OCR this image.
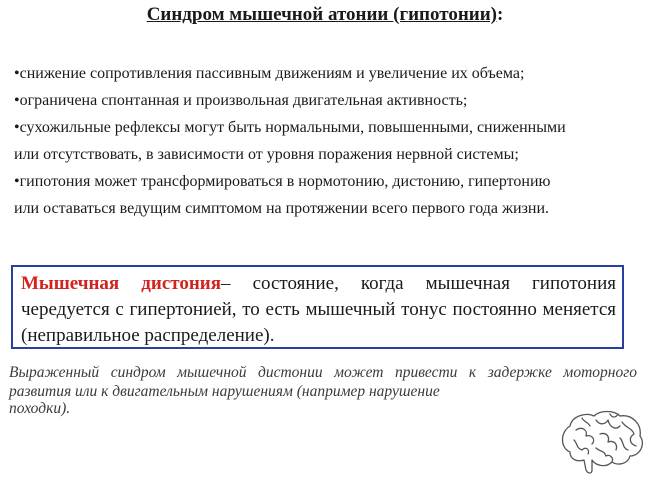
Синдром мышечной атонии (гипотонии):
•снижение сопротивления пассивным движениям и увеличение их объема;
•ограничена спонтанная и произвольная двигательная активность;
•сухожильные рефлексы могут быть нормальными, повышенными, сниженными
или отсутствовать, в зависимости от уровня поражения нервной системы;
•гипотония может трансформироваться в нормотонию, дистонию, гипертонию
или оставаться ведущим симптомом на протяжении всего первого года жизни.
Мышечная дистония– состояние, когда мышечная гипотония чередуется с гипертонией, то есть мышечный тонус постоянно меняется (неправильное распределение).
Выраженный синдром мышечной дистонии может привести к задержке моторного развития или к двигательным нарушениям (например нарушение
походки).
